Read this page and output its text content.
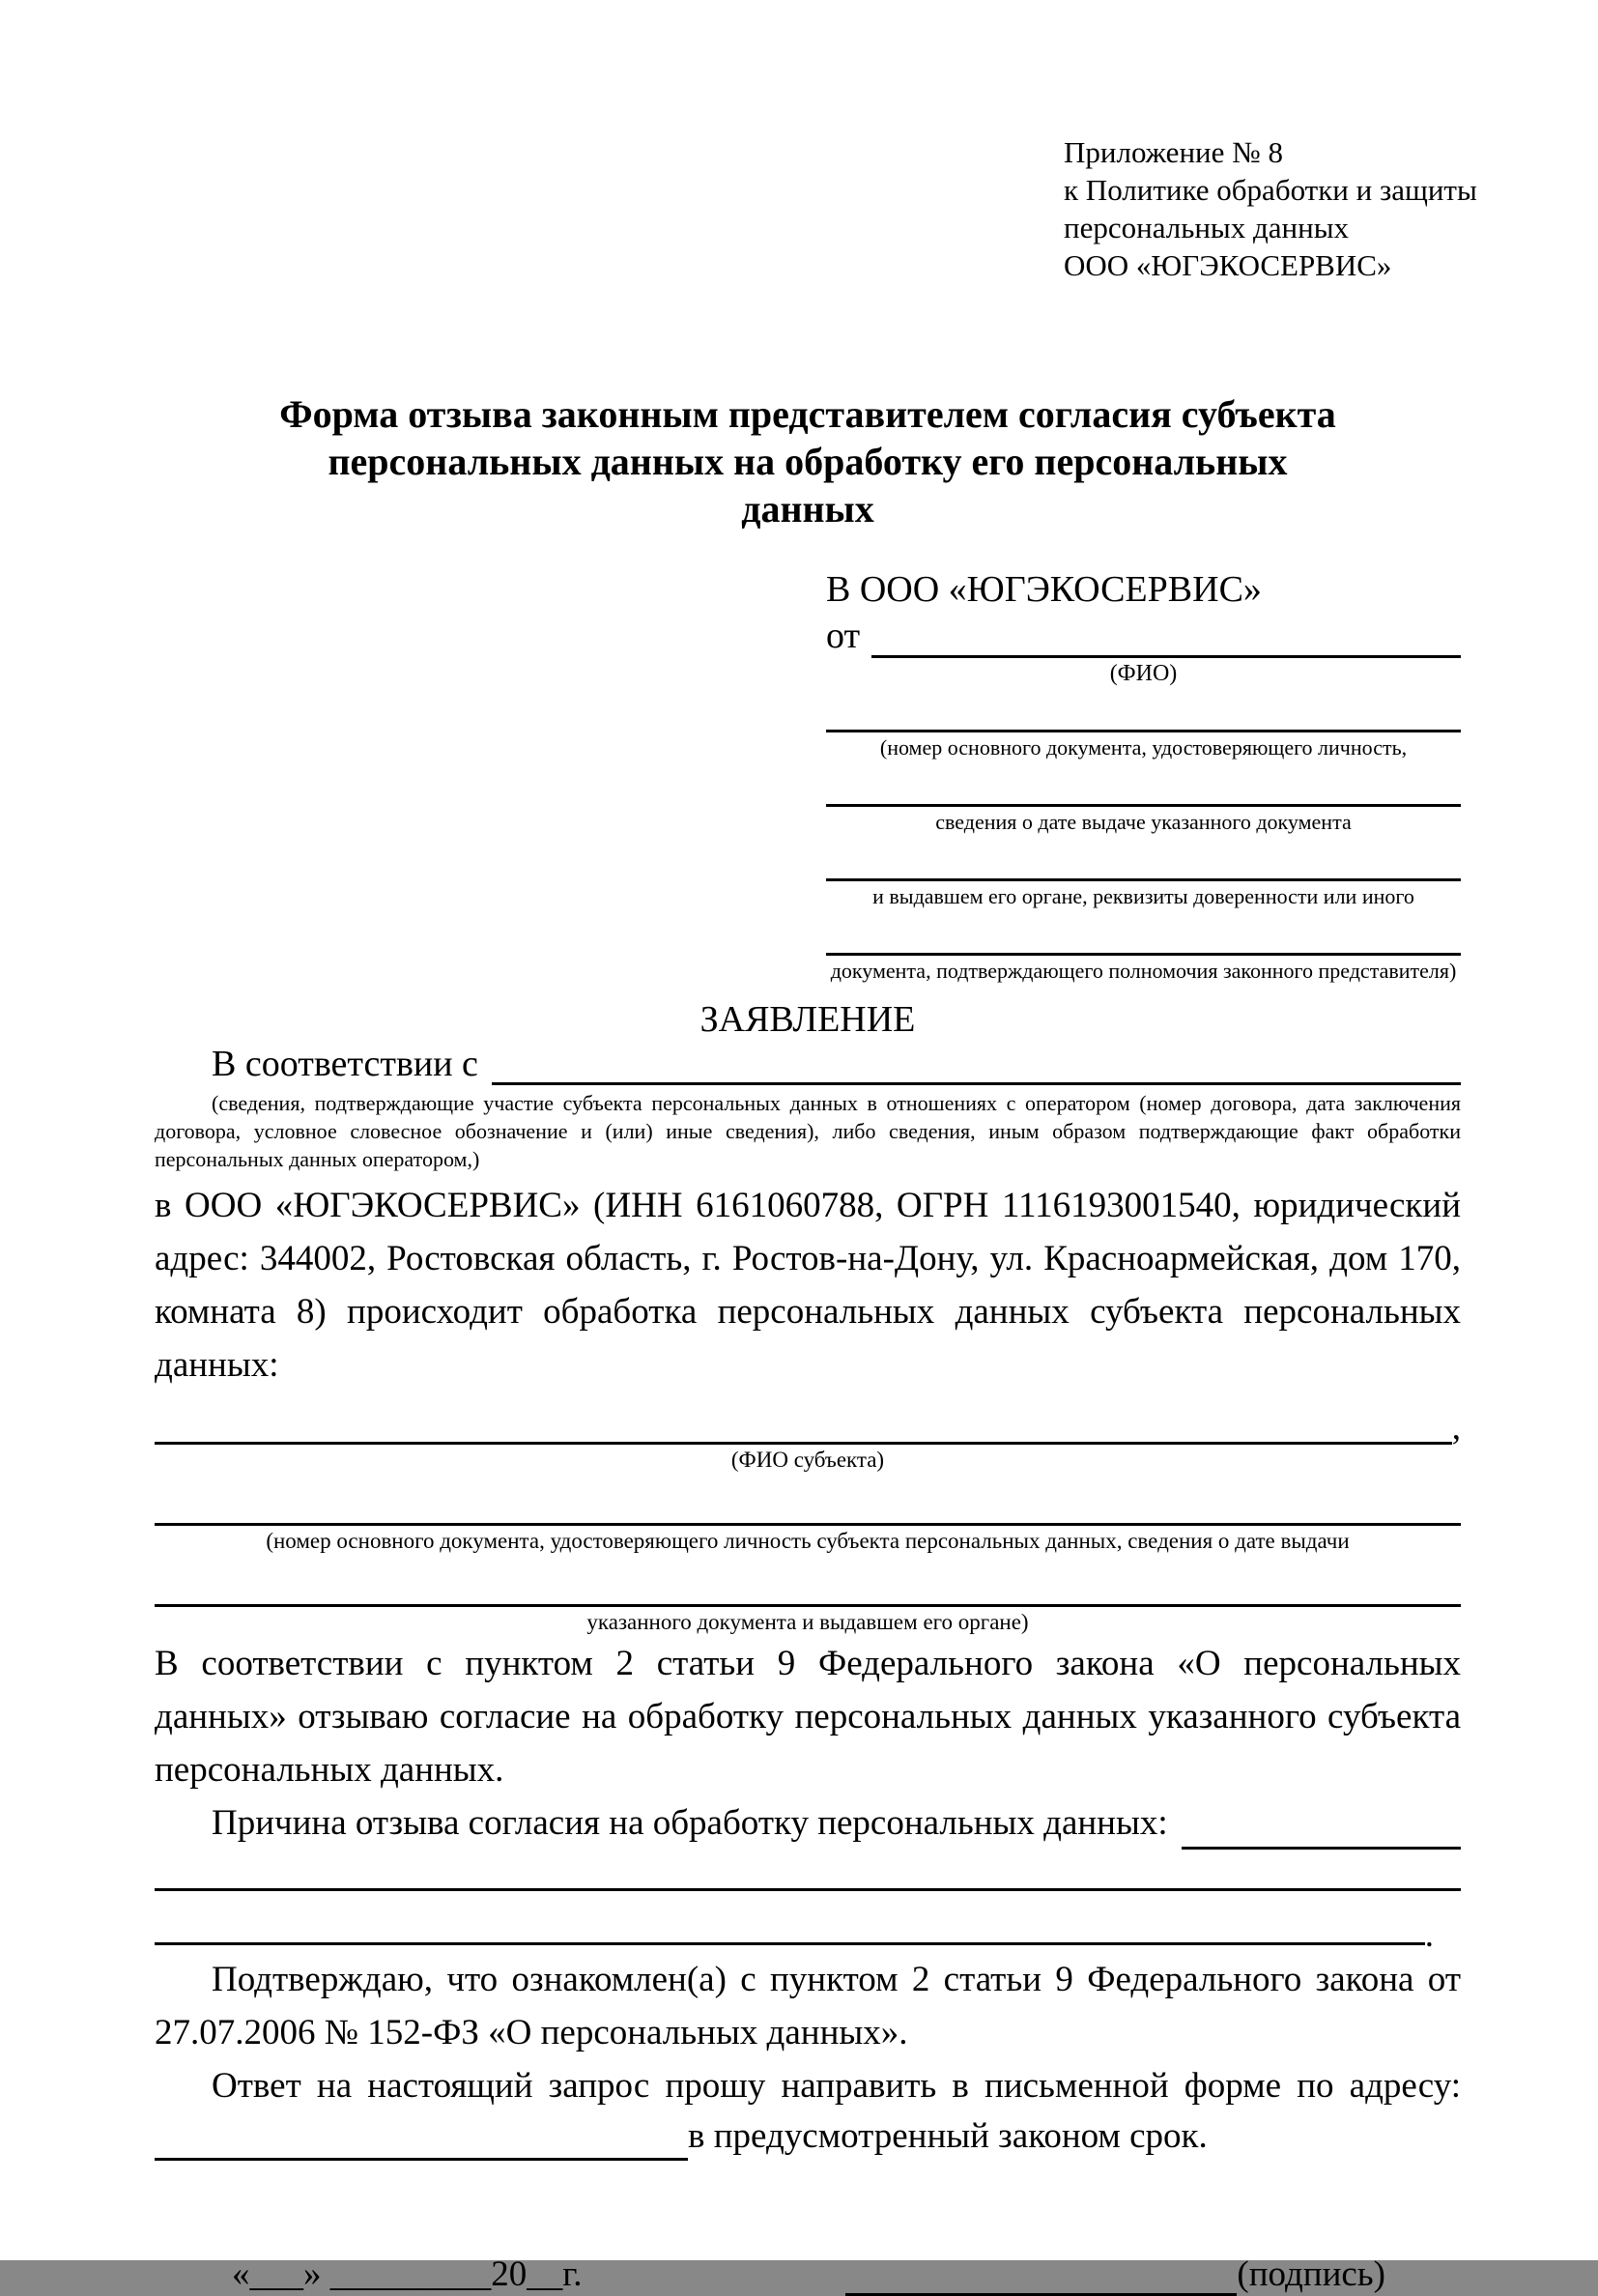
Приложение № 8
к Политике обработки и защиты
персональных данных
ООО «ЮГЭКОСЕРВИС»
Форма отзыва законным представителем согласия субъекта персональных данных на обработку его персональных данных
В ООО «ЮГЭКОСЕРВИС»
от
(ФИО)
(номер основного документа, удостоверяющего личность,
сведения о дате выдаче указанного документа
и выдавшем его органе, реквизиты доверенности или иного
документа, подтверждающего полномочия законного представителя)
ЗАЯВЛЕНИЕ
В соответствии с
(сведения, подтверждающие участие субъекта персональных данных в отношениях с оператором (номер договора, дата заключения договора, условное словесное обозначение и (или) иные сведения), либо сведения, иным образом подтверждающие факт обработки персональных данных оператором,)
в ООО «ЮГЭКОСЕРВИС» (ИНН 6161060788, ОГРН 1116193001540, юридический адрес: 344002, Ростовская область, г. Ростов-на-Дону, ул. Красноармейская, дом 170, комната 8) происходит обработка персональных данных субъекта персональных данных:
,
(ФИО субъекта)
(номер основного документа, удостоверяющего личность субъекта персональных данных, сведения о дате выдачи
указанного документа и выдавшем его органе)
В соответствии с пунктом 2 статьи 9 Федерального закона «О персональных данных» отзываю согласие на обработку персональных данных указанного субъекта персональных данных.
Причина отзыва согласия на обработку персональных данных:
.
Подтверждаю, что ознакомлен(а) с пунктом 2 статьи 9 Федерального закона от 27.07.2006 № 152-ФЗ «О персональных данных».
Ответ на настоящий запрос прошу направить в письменной форме по адресу:
в предусмотренный законом срок.
«___» _________20__г.	(подпись)
